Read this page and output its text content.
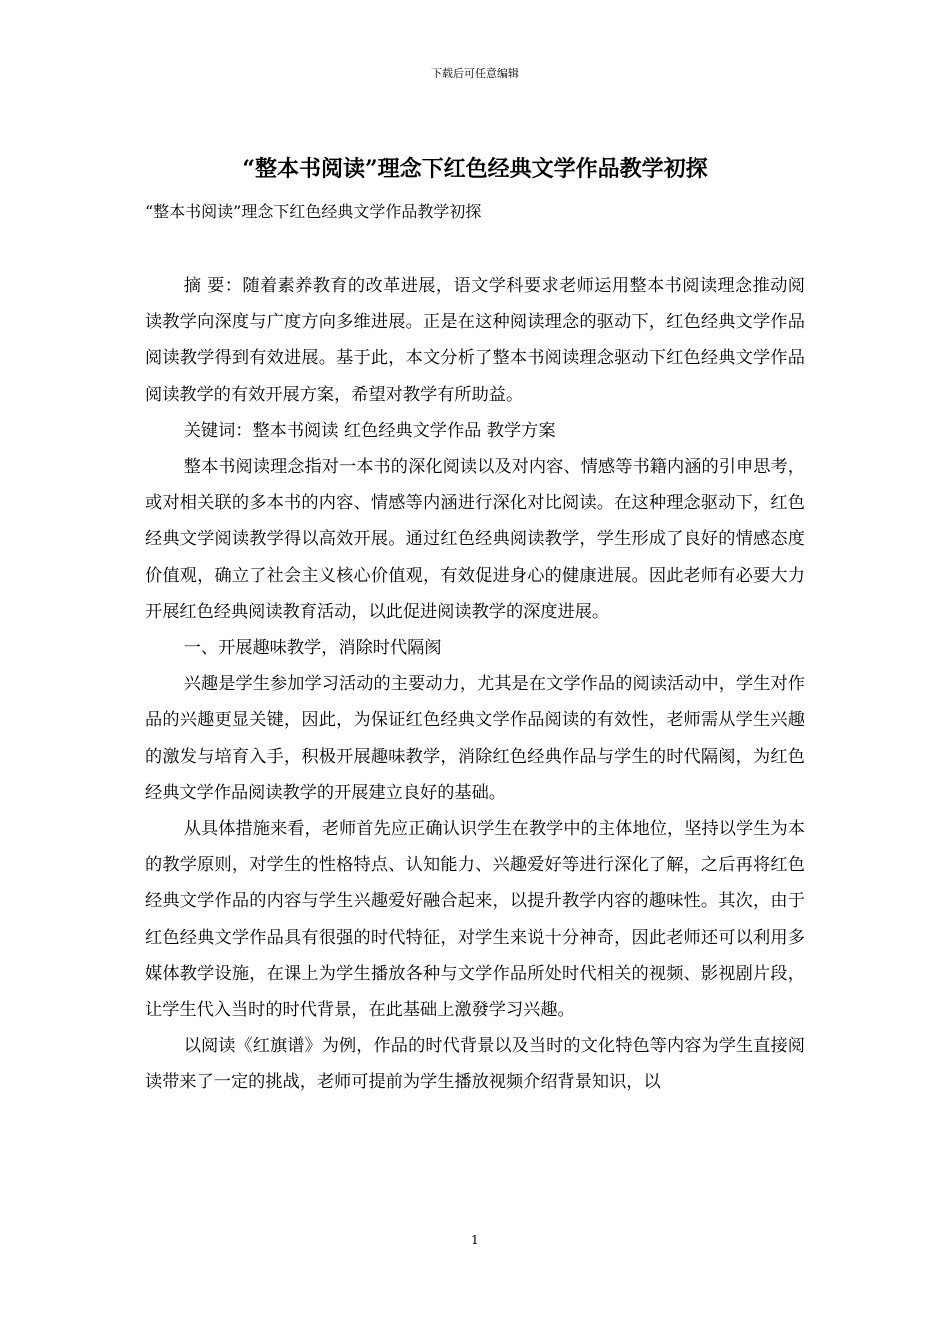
下载后可任意编辑
“整本书阅读”理念下红色经典文学作品教学初探
“整本书阅读”理念下红色经典文学作品教学初探

摘 要：随着素养教育的改革进展，语文学科要求老师运用整本书阅读理念推动阅读教学向深度与广度方向多维进展。正是在这种阅读理念的驱动下，红色经典文学作品阅读教学得到有效进展。基于此，本文分析了整本书阅读理念驱动下红色经典文学作品阅读教学的有效开展方案，希望对教学有所助益。

关键词：整本书阅读 红色经典文学作品 教学方案

整本书阅读理念指对一本书的深化阅读以及对内容、情感等书籍内涵的引申思考，或对相关联的多本书的内容、情感等内涵进行深化对比阅读。在这种理念驱动下，红色经典文学阅读教学得以高效开展。通过红色经典阅读教学，学生形成了良好的情感态度价值观，确立了社会主义核心价值观，有效促进身心的健康进展。因此老师有必要大力开展红色经典阅读教育活动，以此促进阅读教学的深度进展。

一、开展趣味教学，消除时代隔阂

兴趣是学生参加学习活动的主要动力，尤其是在文学作品的阅读活动中，学生对作品的兴趣更显关键，因此，为保证红色经典文学作品阅读的有效性，老师需从学生兴趣的激发与培育入手，积极开展趣味教学，消除红色经典作品与学生的时代隔阂，为红色经典文学作品阅读教学的开展建立良好的基础。

从具体措施来看，老师首先应正确认识学生在教学中的主体地位，坚持以学生为本的教学原则，对学生的性格特点、认知能力、兴趣爱好等进行深化了解，之后再将红色经典文学作品的内容与学生兴趣爱好融合起来，以提升教学内容的趣味性。其次，由于红色经典文学作品具有很强的时代特征，对学生来说十分神奇，因此老师还可以利用多媒体教学设施，在课上为学生播放各种与文学作品所处时代相关的视频、影视剧片段，让学生代入当时的时代背景，在此基础上激發学习兴趣。

以阅读《红旗谱》为例，作品的时代背景以及当时的文化特色等内容为学生直接阅读带来了一定的挑战，老师可提前为学生播放视频介绍背景知识，以

1
